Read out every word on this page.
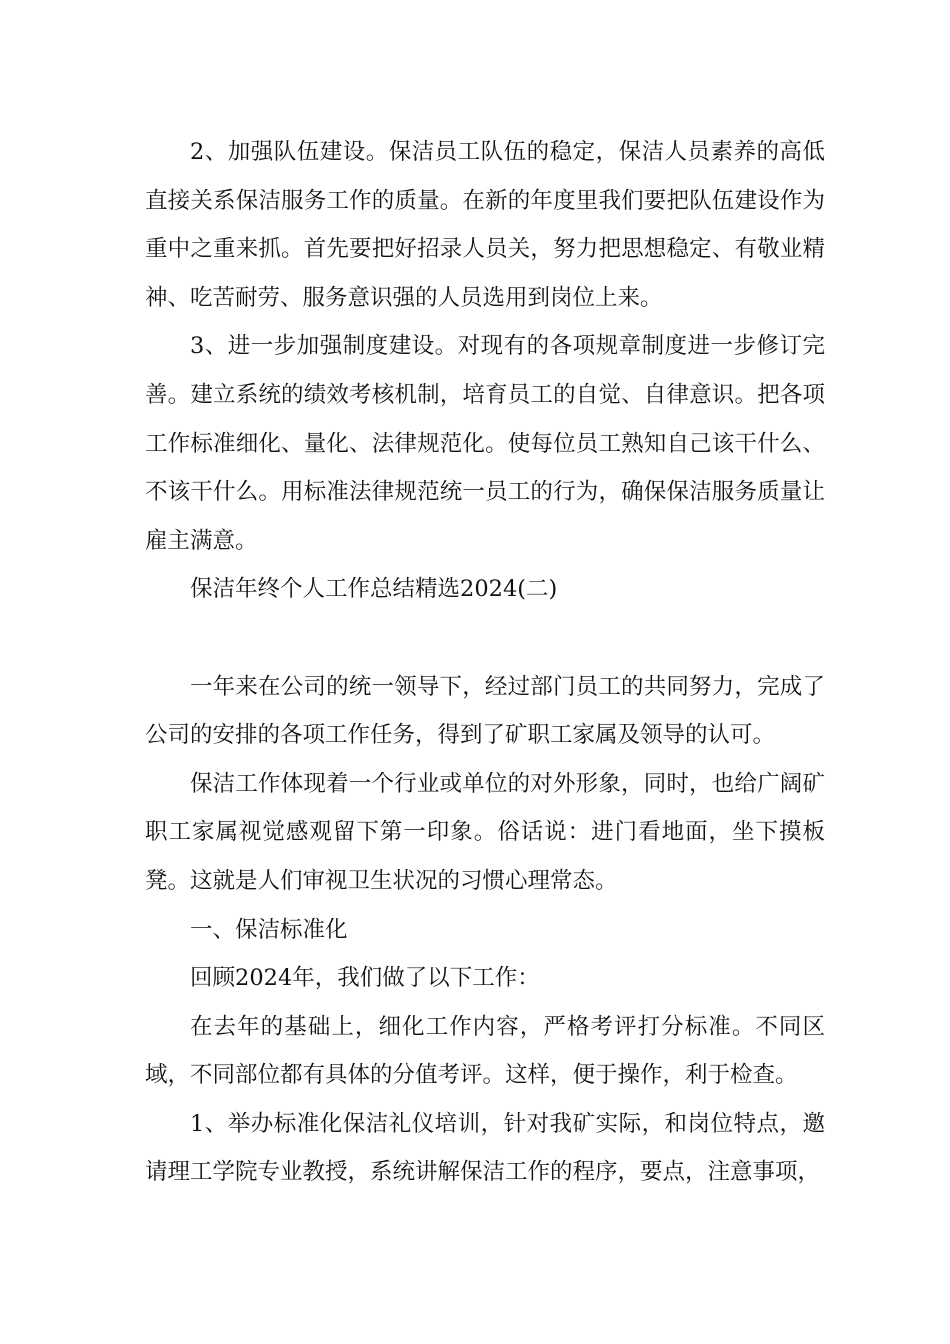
2、加强队伍建设。保洁员工队伍的稳定，保洁人员素养的高低直接关系保洁服务工作的质量。在新的年度里我们要把队伍建设作为重中之重来抓。首先要把好招录人员关，努力把思想稳定、有敬业精神、吃苦耐劳、服务意识强的人员选用到岗位上来。

3、进一步加强制度建设。对现有的各项规章制度进一步修订完善。建立系统的绩效考核机制，培育员工的自觉、自律意识。把各项工作标准细化、量化、法律规范化。使每位员工熟知自己该干什么、不该干什么。用标准法律规范统一员工的行为，确保保洁服务质量让雇主满意。

保洁年终个人工作总结精选2024(二)

一年来在公司的统一领导下，经过部门员工的共同努力，完成了公司的安排的各项工作任务，得到了矿职工家属及领导的认可。

保洁工作体现着一个行业或单位的对外形象，同时，也给广阔矿职工家属视觉感观留下第一印象。俗话说：进门看地面，坐下摸板凳。这就是人们审视卫生状况的习惯心理常态。

一、保洁标准化

回顾2024年，我们做了以下工作：

在去年的基础上，细化工作内容，严格考评打分标准。不同区域，不同部位都有具体的分值考评。这样，便于操作，利于检查。

1、举办标准化保洁礼仪培训，针对我矿实际，和岗位特点，邀请理工学院专业教授，系统讲解保洁工作的程序，要点，注意事项，
